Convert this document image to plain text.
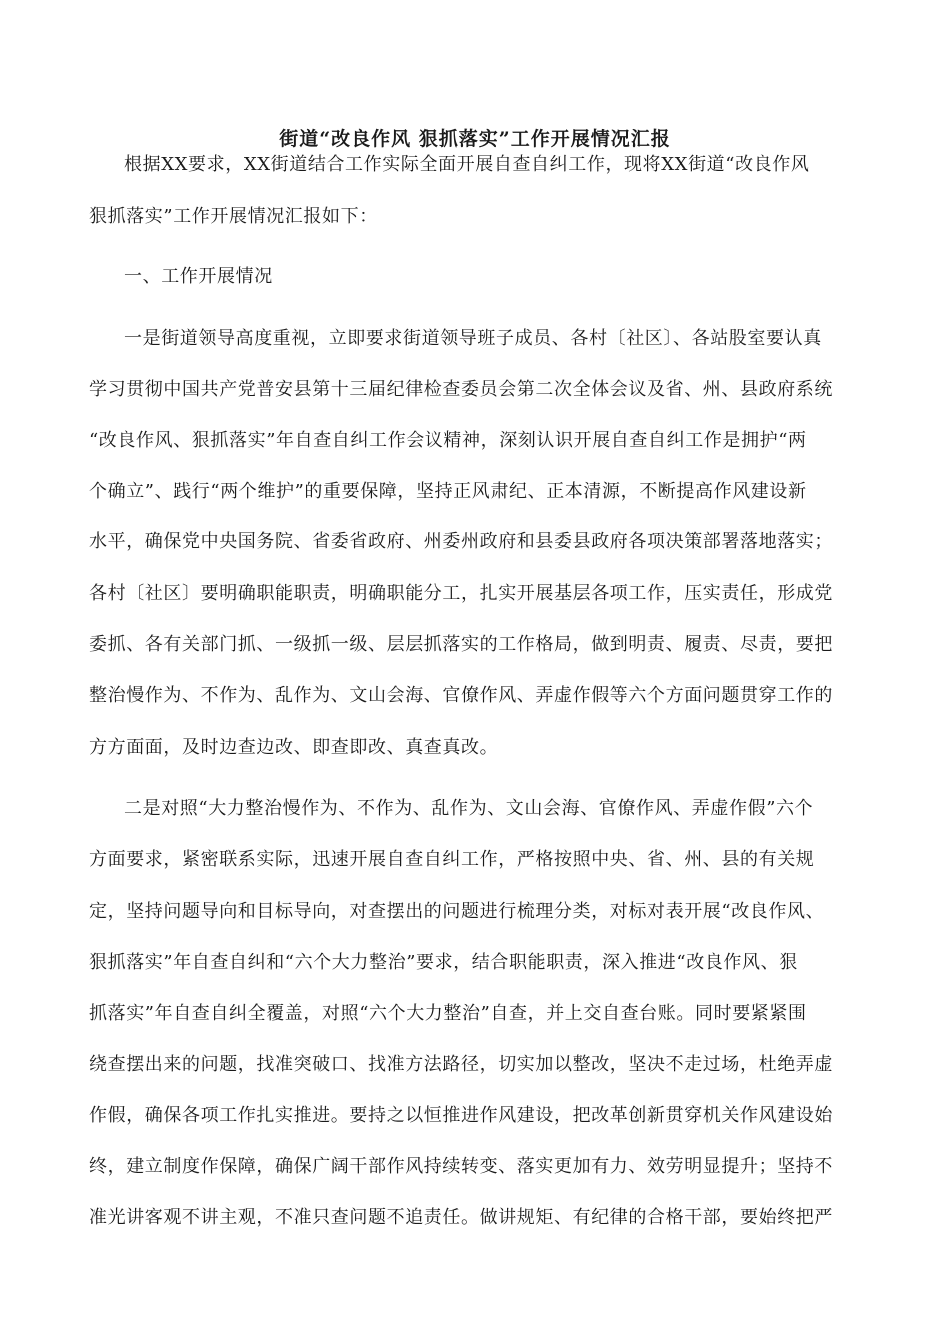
街道“改良作风 狠抓落实”工作开展情况汇报
根据XX要求，XX街道结合工作实际全面开展自查自纠工作，现将XX街道“改良作风
狠抓落实”工作开展情况汇报如下：
一、工作开展情况
一是街道领导高度重视，立即要求街道领导班子成员、各村〔社区〕、各站股室要认真
学习贯彻中国共产党普安县第十三届纪律检查委员会第二次全体会议及省、州、县政府系统
“改良作风、狠抓落实”年自查自纠工作会议精神，深刻认识开展自查自纠工作是拥护“两
个确立”、践行“两个维护”的重要保障，坚持正风肃纪、正本清源，不断提高作风建设新
水平，确保党中央国务院、省委省政府、州委州政府和县委县政府各项决策部署落地落实；
各村〔社区〕要明确职能职责，明确职能分工，扎实开展基层各项工作，压实责任，形成党
委抓、各有关部门抓、一级抓一级、层层抓落实的工作格局，做到明责、履责、尽责，要把
整治慢作为、不作为、乱作为、文山会海、官僚作风、弄虚作假等六个方面问题贯穿工作的
方方面面，及时边查边改、即查即改、真查真改。
二是对照“大力整治慢作为、不作为、乱作为、文山会海、官僚作风、弄虚作假”六个
方面要求，紧密联系实际，迅速开展自查自纠工作，严格按照中央、省、州、县的有关规
定，坚持问题导向和目标导向，对查摆出的问题进行梳理分类，对标对表开展“改良作风、
狠抓落实”年自查自纠和“六个大力整治”要求，结合职能职责，深入推进“改良作风、狠
抓落实”年自查自纠全覆盖，对照“六个大力整治”自查，并上交自查台账。同时要紧紧围
绕查摆出来的问题，找准突破口、找准方法路径，切实加以整改，坚决不走过场，杜绝弄虚
作假，确保各项工作扎实推进。要持之以恒推进作风建设，把改革创新贯穿机关作风建设始
终，建立制度作保障，确保广阔干部作风持续转变、落实更加有力、效劳明显提升；坚持不
准光讲客观不讲主观，不准只查问题不追责任。做讲规矩、有纪律的合格干部，要始终把严
